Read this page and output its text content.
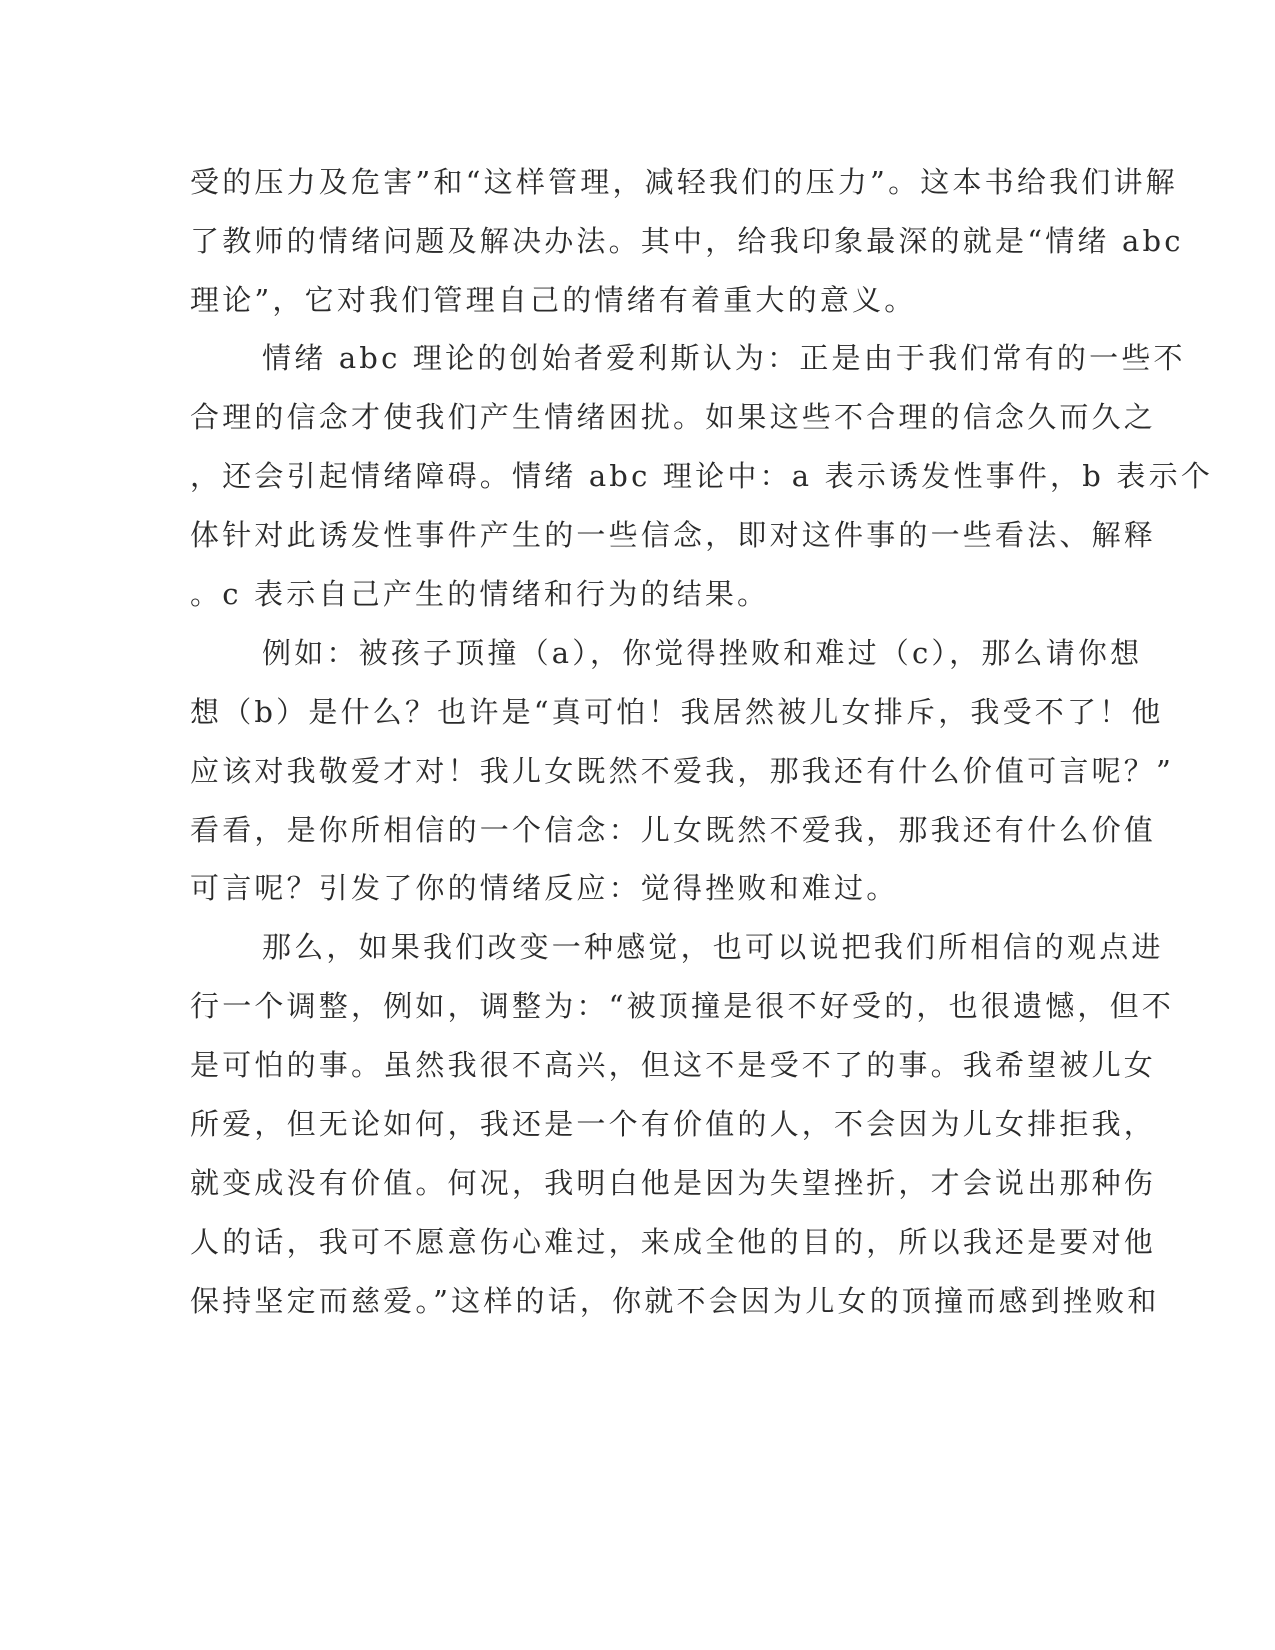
受的压力及危害”和“这样管理，减轻我们的压力”。这本书给我们讲解
了教师的情绪问题及解决办法。其中，给我印象最深的就是“情绪 abc
理论”，它对我们管理自己的情绪有着重大的意义。
情绪 abc 理论的创始者爱利斯认为：正是由于我们常有的一些不
合理的信念才使我们产生情绪困扰。如果这些不合理的信念久而久之
，还会引起情绪障碍。情绪 abc 理论中：a 表示诱发性事件，b 表示个
体针对此诱发性事件产生的一些信念，即对这件事的一些看法、解释
。c 表示自己产生的情绪和行为的结果。
例如：被孩子顶撞（a），你觉得挫败和难过（c），那么请你想
想（b）是什么？也许是“真可怕！我居然被儿女排斥，我受不了！他
应该对我敬爱才对！我儿女既然不爱我，那我还有什么价值可言呢？”
看看，是你所相信的一个信念：儿女既然不爱我，那我还有什么价值
可言呢？引发了你的情绪反应：觉得挫败和难过。
那么，如果我们改变一种感觉，也可以说把我们所相信的观点进
行一个调整，例如，调整为：“被顶撞是很不好受的，也很遗憾，但不
是可怕的事。虽然我很不高兴，但这不是受不了的事。我希望被儿女
所爱，但无论如何，我还是一个有价值的人，不会因为儿女排拒我，
就变成没有价值。何况，我明白他是因为失望挫折，才会说出那种伤
人的话，我可不愿意伤心难过，来成全他的目的，所以我还是要对他
保持坚定而慈爱。”这样的话，你就不会因为儿女的顶撞而感到挫败和
